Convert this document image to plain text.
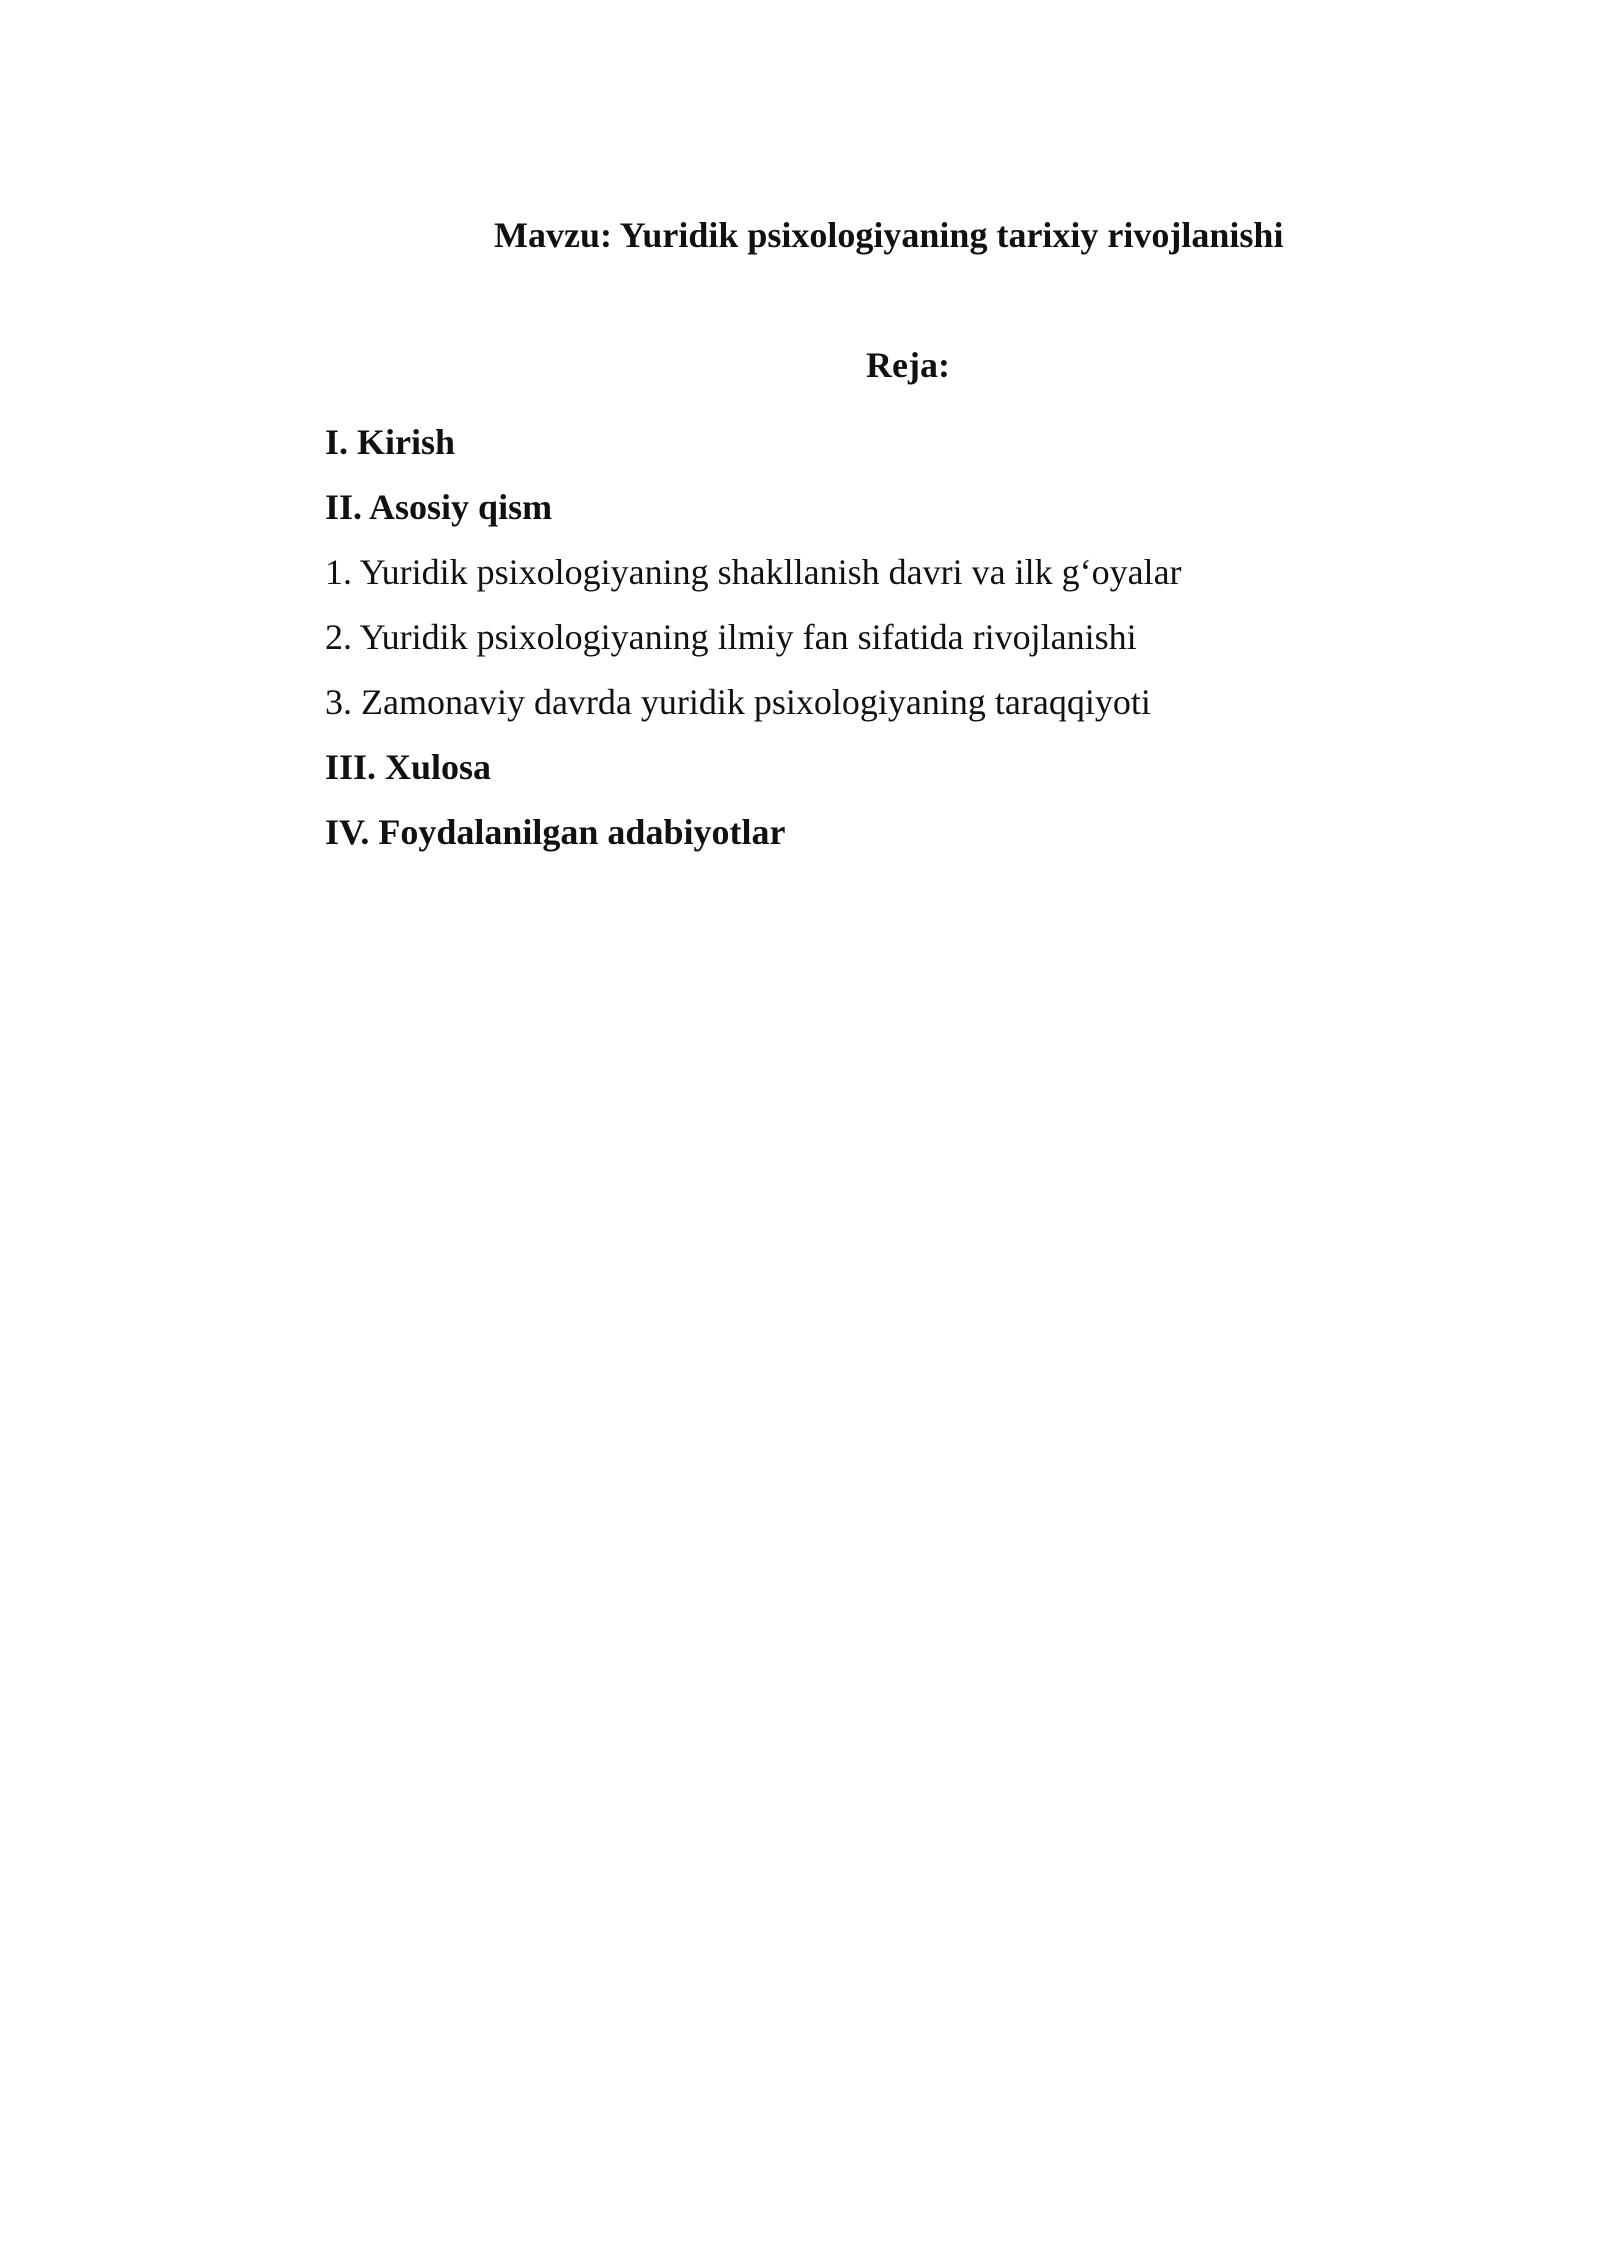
Mavzu: Yuridik psixologiyaning tarixiy rivojlanishi
Reja:
I. Kirish
II. Asosiy qism
1. Yuridik psixologiyaning shakllanish davri va ilk g‘oyalar
2. Yuridik psixologiyaning ilmiy fan sifatida rivojlanishi
3. Zamonaviy davrda yuridik psixologiyaning taraqqiyoti
III. Xulosa
IV. Foydalanilgan adabiyotlar
